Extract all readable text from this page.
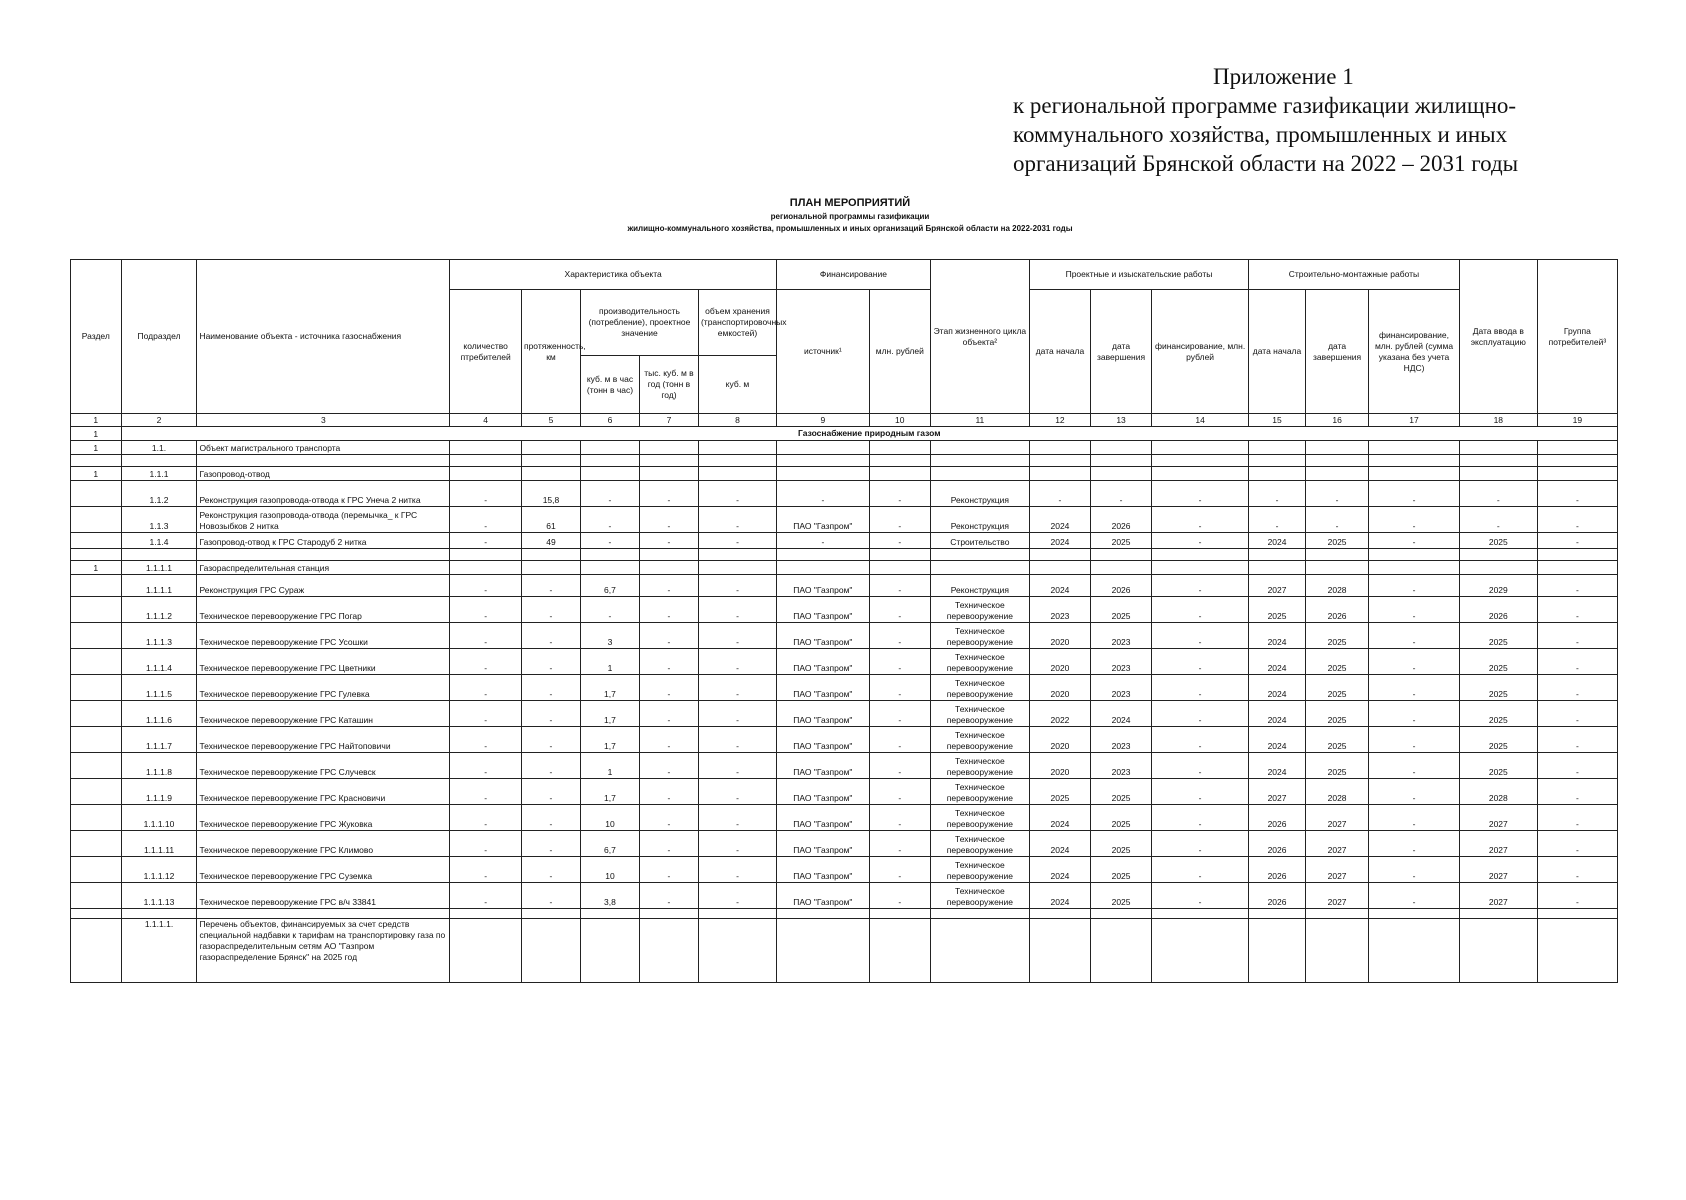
Приложение 1
к региональной программе газификации жилищно-
коммунального хозяйства, промышленных и иных
организаций Брянской области на 2022 – 2031 годы
ПЛАН МЕРОПРИЯТИЙ
региональной программы газификации
жилищно-коммунального хозяйства, промышленных и иных организаций Брянской области на 2022-2031 годы
Раздел	Подраздел	Наименование объекта - источника газоснабжения	Характеристика объекта					Финансирование		Этап жизненного цикла объекта²	Проектные и изыскательские работы			Строительно-монтажные работы			Дата ввода в эксплуатацию	Группа потребителей³
			количество птребителей	протяженность, км	производительность (потребление), проектное значение		объем хранения (транспортировочных емкостей)	источник¹	млн. рублей		дата начала	дата завершения	финансирование, млн. рублей	дата начала	дата завершения	финансирование, млн. рублей (сумма указана без учета НДС)		
					куб. м в час (тонн в час)	тыс. куб. м в год (тонн в год)	куб. м											
1	2	3	4	5	6	7	8	9	10	11	12	13	14	15	16	17	18	19
1	Газоснабжение природным газом																	
1	1.1.	Объект магистрального транспорта																

1	1.1.1	Газопровод-отвод																
	1.1.2	Реконструкция газопровода-отвода к ГРС Унеча 2 нитка	-	15,8	-	-	-	-	-	Реконструкция	-	-	-	-	-	-	-	-
	1.1.3	Реконструкция газопровода-отвода (перемычка_ к ГРС Новозыбков 2 нитка	-	61	-	-	-	ПАО "Газпром"	-	Реконструкция	2024	2026	-	-	-	-	-	-
	1.1.4	Газопровод-отвод к ГРС Стародуб 2 нитка	-	49	-	-	-	-	-	Строительство	2024	2025	-	2024	2025	-	2025	-

1	1.1.1.1	Газораспределительная станция																
	1.1.1.1	Реконструкция ГРС Сураж	-	-	6,7	-	-	ПАО "Газпром"	-	Реконструкция	2024	2026	-	2027	2028	-	2029	-
	1.1.1.2	Техническое перевооружение ГРС Погар	-	-	-	-	-	ПАО "Газпром"	-	Техническое перевооружение	2023	2025	-	2025	2026	-	2026	-
	1.1.1.3	Техническое перевооружение ГРС Усошки	-	-	3	-	-	ПАО "Газпром"	-	Техническое перевооружение	2020	2023	-	2024	2025	-	2025	-
	1.1.1.4	Техническое перевооружение ГРС Цветники	-	-	1	-	-	ПАО "Газпром"	-	Техническое перевооружение	2020	2023	-	2024	2025	-	2025	-
	1.1.1.5	Техническое перевооружение ГРС Гулевка	-	-	1,7	-	-	ПАО "Газпром"	-	Техническое перевооружение	2020	2023	-	2024	2025	-	2025	-
	1.1.1.6	Техническое перевооружение ГРС Каташин	-	-	1,7	-	-	ПАО "Газпром"	-	Техническое перевооружение	2022	2024	-	2024	2025	-	2025	-
	1.1.1.7	Техническое перевооружение ГРС Найтоповичи	-	-	1,7	-	-	ПАО "Газпром"	-	Техническое перевооружение	2020	2023	-	2024	2025	-	2025	-
	1.1.1.8	Техническое перевооружение ГРС Случевск	-	-	1	-	-	ПАО "Газпром"	-	Техническое перевооружение	2020	2023	-	2024	2025	-	2025	-
	1.1.1.9	Техническое перевооружение ГРС Красновичи	-	-	1,7	-	-	ПАО "Газпром"	-	Техническое перевооружение	2025	2025	-	2027	2028	-	2028	-
	1.1.1.10	Техническое перевооружение ГРС Жуковка	-	-	10	-	-	ПАО "Газпром"	-	Техническое перевооружение	2024	2025	-	2026	2027	-	2027	-
	1.1.1.11	Техническое перевооружение ГРС Климово	-	-	6,7	-	-	ПАО "Газпром"	-	Техническое перевооружение	2024	2025	-	2026	2027	-	2027	-
	1.1.1.12	Техническое перевооружение ГРС Суземка	-	-	10	-	-	ПАО "Газпром"	-	Техническое перевооружение	2024	2025	-	2026	2027	-	2027	-
	1.1.1.13	Техническое перевооружение ГРС в/ч 33841	-	-	3,8	-	-	ПАО "Газпром"	-	Техническое перевооружение	2024	2025	-	2026	2027	-	2027	-

	1.1.1.1.	Перечень объектов, финансируемых за счет средств специальной надбавки к тарифам на транспортировку газа по газораспределительным сетям АО "Газпром газораспределение Брянск" на 2025 год																
